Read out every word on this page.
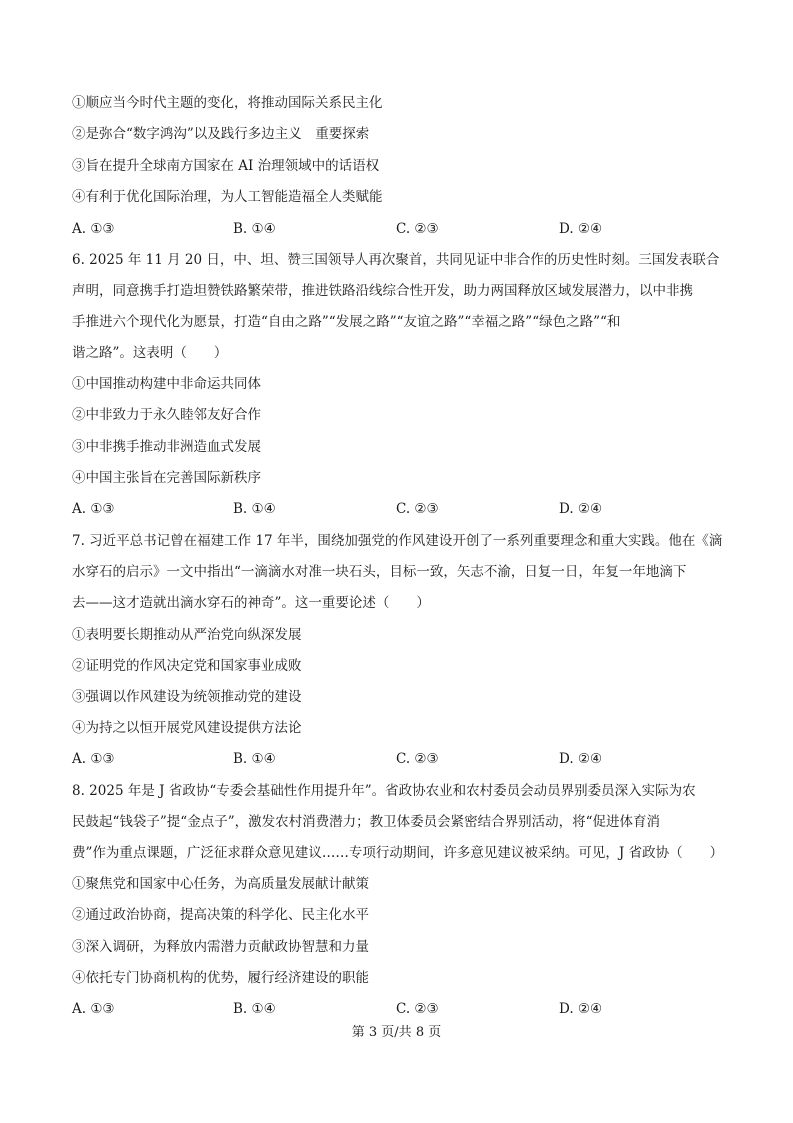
①顺应当今时代主题的变化，将推动国际关系民主化
②是弥合“数字鸿沟”以及践行多边主义　重要探索
③旨在提升全球南方国家在 AI 治理领域中的话语权
④有利于优化国际治理，为人工智能造福全人类赋能
A. ①③	B. ①④	C. ②③	D. ②④
6. 2025 年 11 月 20 日，中、坦、赞三国领导人再次聚首，共同见证中非合作的历史性时刻。三国发表联合
声明，同意携手打造坦赞铁路繁荣带，推进铁路沿线综合性开发，助力两国释放区域发展潜力，以中非携
手推进六个现代化为愿景，打造“自由之路”“发展之路”“友谊之路”“幸福之路”“绿色之路”“和
谐之路”。这表明（　　）
①中国推动构建中非命运共同体
②中非致力于永久睦邻友好合作
③中非携手推动非洲造血式发展
④中国主张旨在完善国际新秩序
A. ①③	B. ①④	C. ②③	D. ②④
7. 习近平总书记曾在福建工作 17 年半，围绕加强党的作风建设开创了一系列重要理念和重大实践。他在《滴
水穿石的启示》一文中指出“一滴滴水对准一块石头，目标一致，矢志不渝，日复一日，年复一年地滴下
去——这才造就出滴水穿石的神奇”。这一重要论述（　　）
①表明要长期推动从严治党向纵深发展
②证明党的作风决定党和国家事业成败
③强调以作风建设为统领推动党的建设
④为持之以恒开展党风建设提供方法论
A. ①③	B. ①④	C. ②③	D. ②④
8. 2025 年是 J 省政协“专委会基础性作用提升年”。省政协农业和农村委员会动员界别委员深入实际为农
民鼓起“钱袋子”提“金点子”，激发农村消费潜力；教卫体委员会紧密结合界别活动，将“促进体育消
费”作为重点课题，广泛征求群众意见建议……专项行动期间，许多意见建议被采纳。可见，J 省政协（　　）
①聚焦党和国家中心任务，为高质量发展献计献策
②通过政治协商，提高决策的科学化、民主化水平
③深入调研，为释放内需潜力贡献政协智慧和力量
④依托专门协商机构的优势，履行经济建设的职能
A. ①③	B. ①④	C. ②③	D. ②④
第 3 页/共 8 页
